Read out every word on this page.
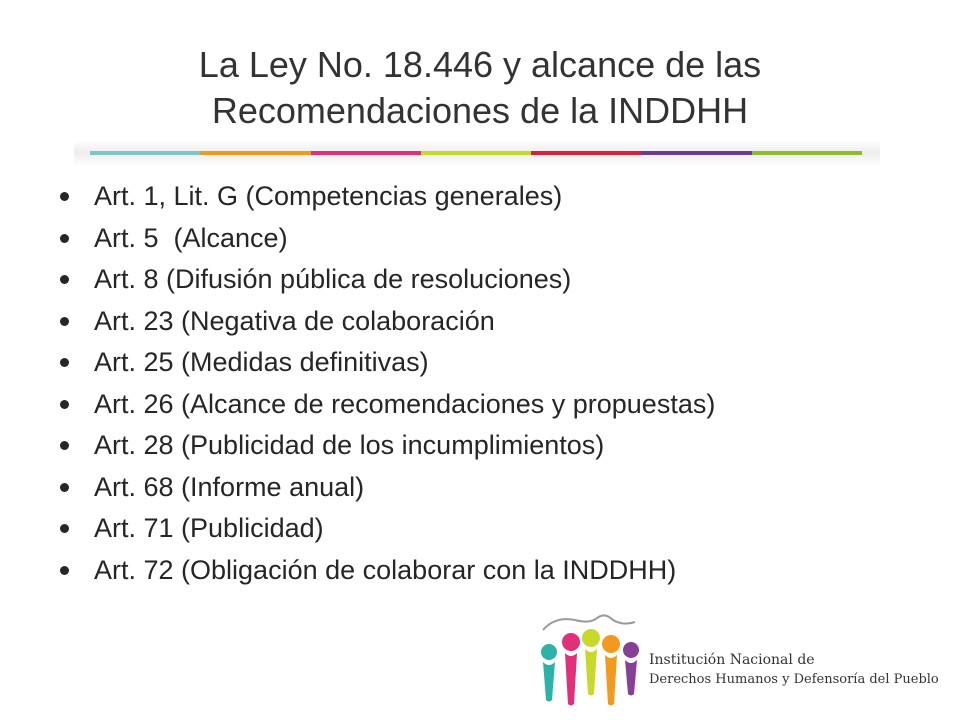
La Ley No. 18.446 y alcance de las
Recomendaciones de la INDDHH
Art. 1, Lit. G (Competencias generales)
Art. 5  (Alcance)
Art. 8 (Difusión pública de resoluciones)
Art. 23 (Negativa de colaboración
Art. 25 (Medidas definitivas)
Art. 26 (Alcance de recomendaciones y propuestas)
Art. 28 (Publicidad de los incumplimientos)
Art. 68 (Informe anual)
Art. 71 (Publicidad)
Art. 72 (Obligación de colaborar con la INDDHH)
Institución Nacional de
Derechos Humanos y Defensoría del Pueblo
